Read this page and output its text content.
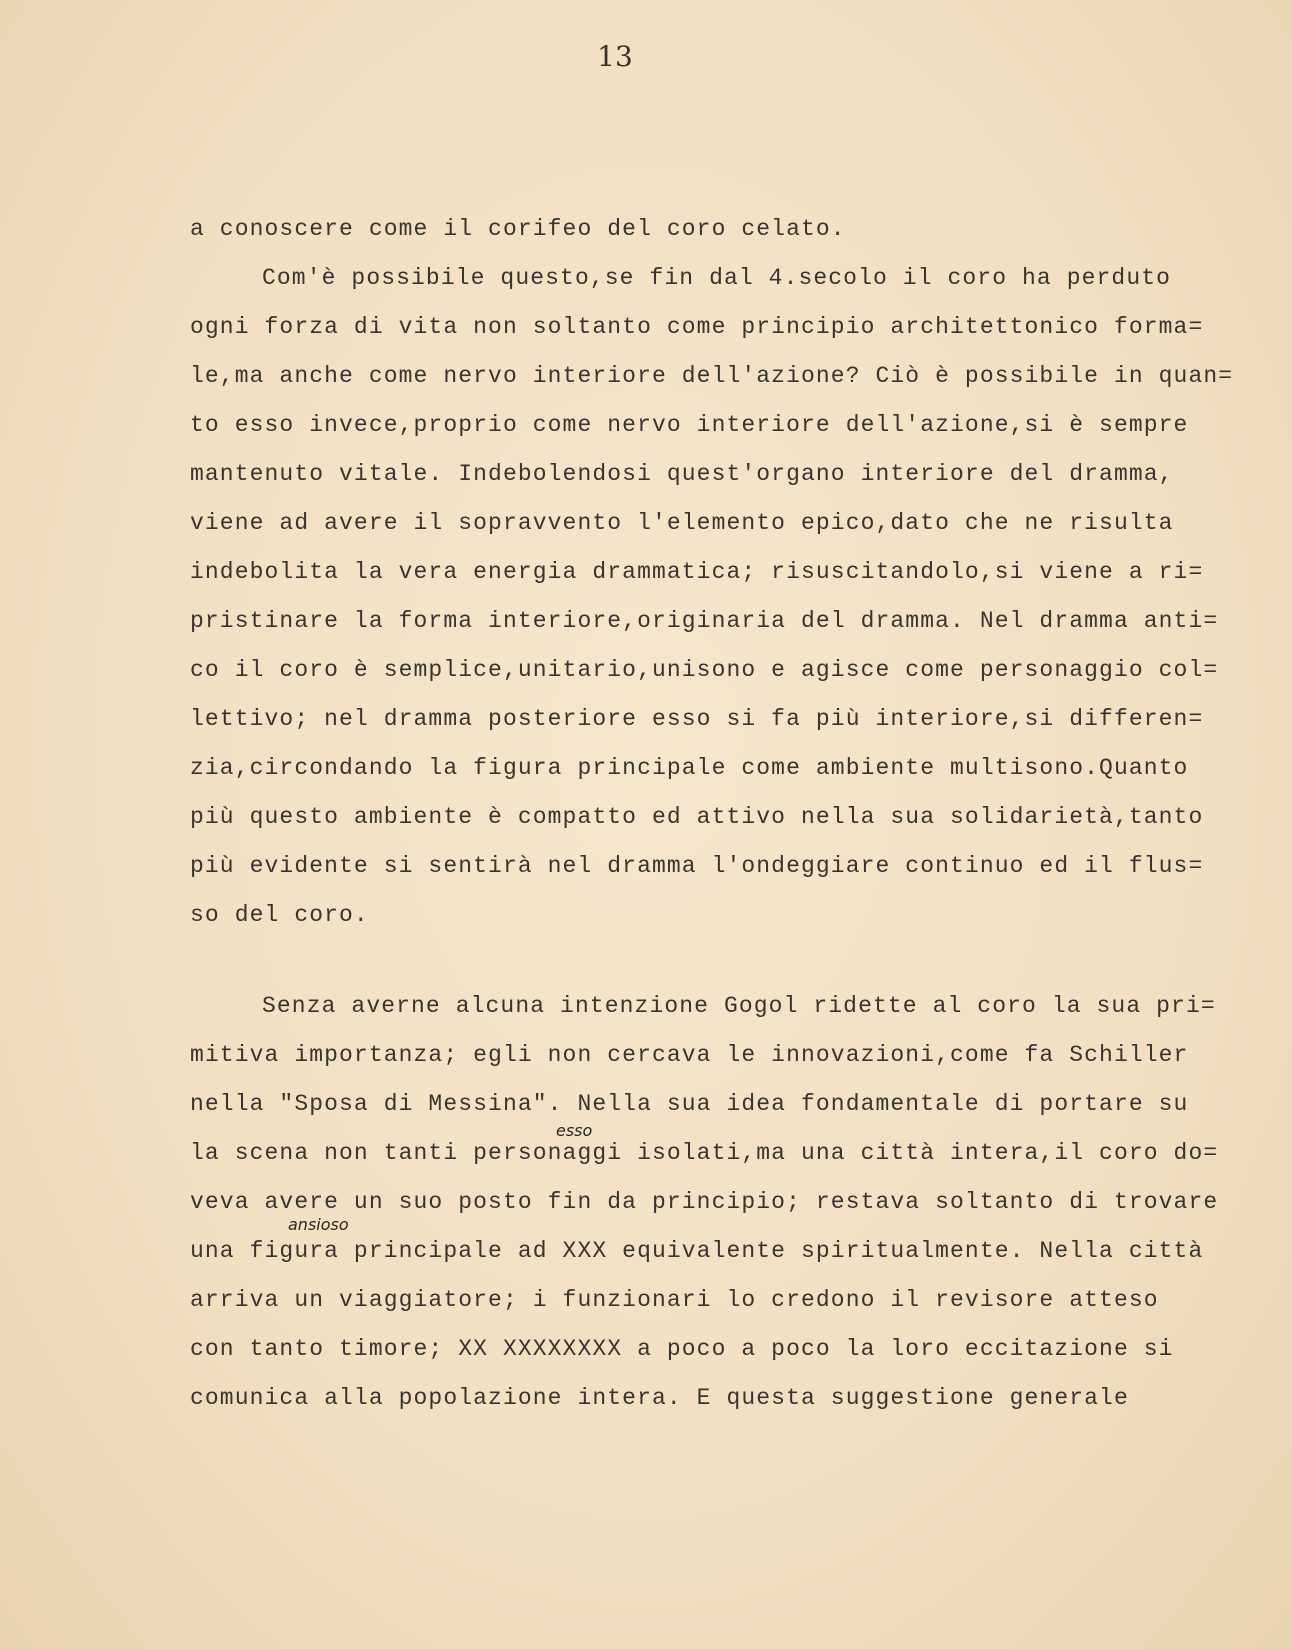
13
a conoscere come il corifeo del coro celato.
Com'è possibile questo,se fin dal 4.secolo il coro ha perduto
ogni forza di vita non soltanto come principio architettonico forma=
le,ma anche come nervo interiore dell'azione? Ciò è possibile in quan=
to esso invece,proprio come nervo interiore dell'azione,si è sempre
mantenuto vitale. Indebolendosi quest'organo interiore del dramma,
viene ad avere il sopravvento l'elemento epico,dato che ne risulta
indebolita la vera energia drammatica; risuscitandolo,si viene a ri=
pristinare la forma interiore,originaria del dramma. Nel dramma anti=
co il coro è semplice,unitario,unisono e agisce come personaggio col=
lettivo; nel dramma posteriore esso si fa più interiore,si differen=
zia,circondando la figura principale come ambiente multisono.Quanto
più questo ambiente è compatto ed attivo nella sua solidarietà,tanto
più evidente si sentirà nel dramma l'ondeggiare continuo ed il flus=
so del coro.
Senza averne alcuna intenzione Gogol ridette al coro la sua pri=
mitiva importanza; egli non cercava le innovazioni,come fa Schiller
nella "Sposa di Messina". Nella sua idea fondamentale di portare su
la scena non tanti personaggi isolati,ma una città intera,il coro do=
veva avere un suo posto fin da principio; restava soltanto di trovare
una figura principale ad XXX equivalente spiritualmente. Nella città
arriva un viaggiatore; i funzionari lo credono il revisore atteso
con tanto timore; XX XXXXXXXX a poco a poco la loro eccitazione si
comunica alla popolazione intera. E questa suggestione generale
esso
ansioso
